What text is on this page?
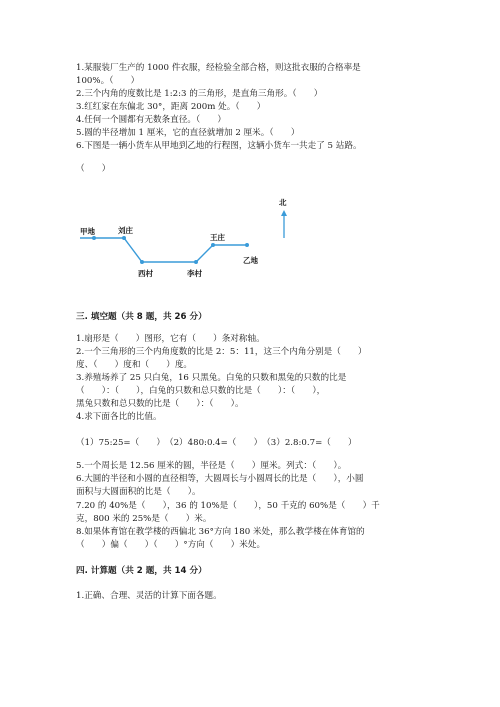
1.某服装厂生产的 1000 件衣服，经检验全部合格，则这批衣服的合格率是
100%。（　　）
2.三个内角的度数比是 1:2:3 的三角形，是直角三角形。（　　）
3.红红家在东偏北 30°，距离 200m 处。（　　）
4.任何一个圆都有无数条直径。（　　）
5.圆的半径增加 1 厘米，它的直径就增加 2 厘米。（　　）
6.下图是一辆小货车从甲地到乙地的行程图，这辆小货车一共走了 5 站路。
（　　）
甲地	刘庄
西村	李村
王庄
乙地
北
三. 填空题（共 8 题，共 26 分）
1.扇形是（　　）图形，它有（　　）条对称轴。
2.一个三角形的三个内角度数的比是 2：5：11，这三个内角分别是（　　）
度、（　　）度和（　　）度。
3.养殖场养了 25 只白兔，16 只黑兔。白兔的只数和黑兔的只数的比是
（　　）：（　　），白兔的只数和总只数的比是（　　）：（　　），
黑兔只数和总只数的比是（　　）：（　　）。
4.求下面各比的比值。
（1）75:25=（　　）　（2）480:0.4=（　　）　（3）2.8:0.7=（　　）
5.一个周长是 12.56 厘米的圆，半径是（　　）厘米。列式：（　　）。
6.大圆的半径和小圆的直径相等，大圆周长与小圆周长的比是（　　），小圆
面积与大圆面积的比是（　　）。
7.20 的 40%是（　　），36 的 10%是（　　），50 千克的 60%是（　　）千
克，800 米的 25%是（　　）米。
8.如果体育馆在教学楼的西偏北 36°方向 180 米处，那么教学楼在体育馆的
（　　）偏（　　）（　　）°方向（　　）米处。
四. 计算题（共 2 题，共 14 分）
1.正确、合理、灵活的计算下面各题。
